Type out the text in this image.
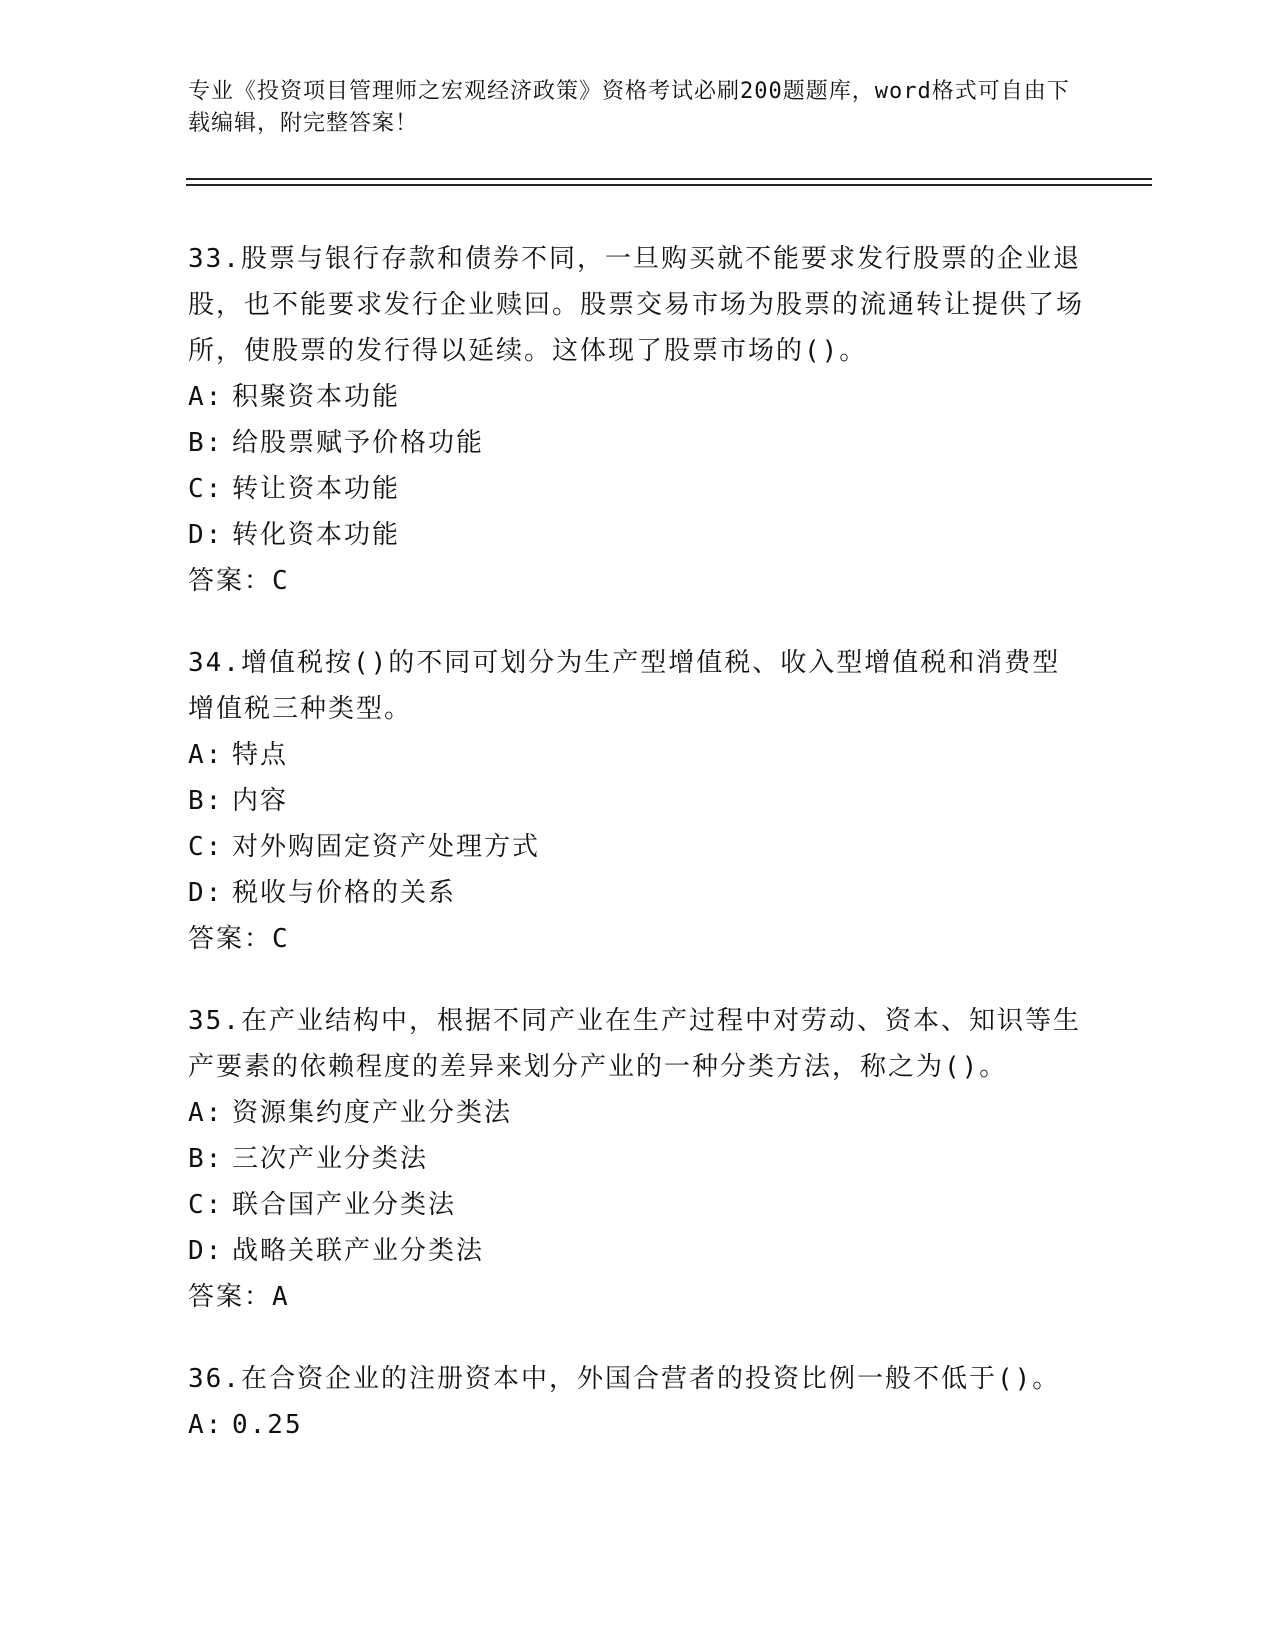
专业《投资项目管理师之宏观经济政策》资格考试必刷200题题库，word格式可自由下载编辑，附完整答案！

33.股票与银行存款和债券不同，一旦购买就不能要求发行股票的企业退股，也不能要求发行企业赎回。股票交易市场为股票的流通转让提供了场所，使股票的发行得以延续。这体现了股票市场的()。

A: 积聚资本功能

B: 给股票赋予价格功能

C: 转让资本功能

D: 转化资本功能

答案：C

34.增值税按()的不同可划分为生产型增值税、收入型增值税和消费型增值税三种类型。

A: 特点

B: 内容

C: 对外购固定资产处理方式

D: 税收与价格的关系

答案：C

35.在产业结构中，根据不同产业在生产过程中对劳动、资本、知识等生产要素的依赖程度的差异来划分产业的一种分类方法，称之为()。

A: 资源集约度产业分类法

B: 三次产业分类法

C: 联合国产业分类法

D: 战略关联产业分类法

答案：A

36.在合资企业的注册资本中，外国合营者的投资比例一般不低于()。

A: 0.25
